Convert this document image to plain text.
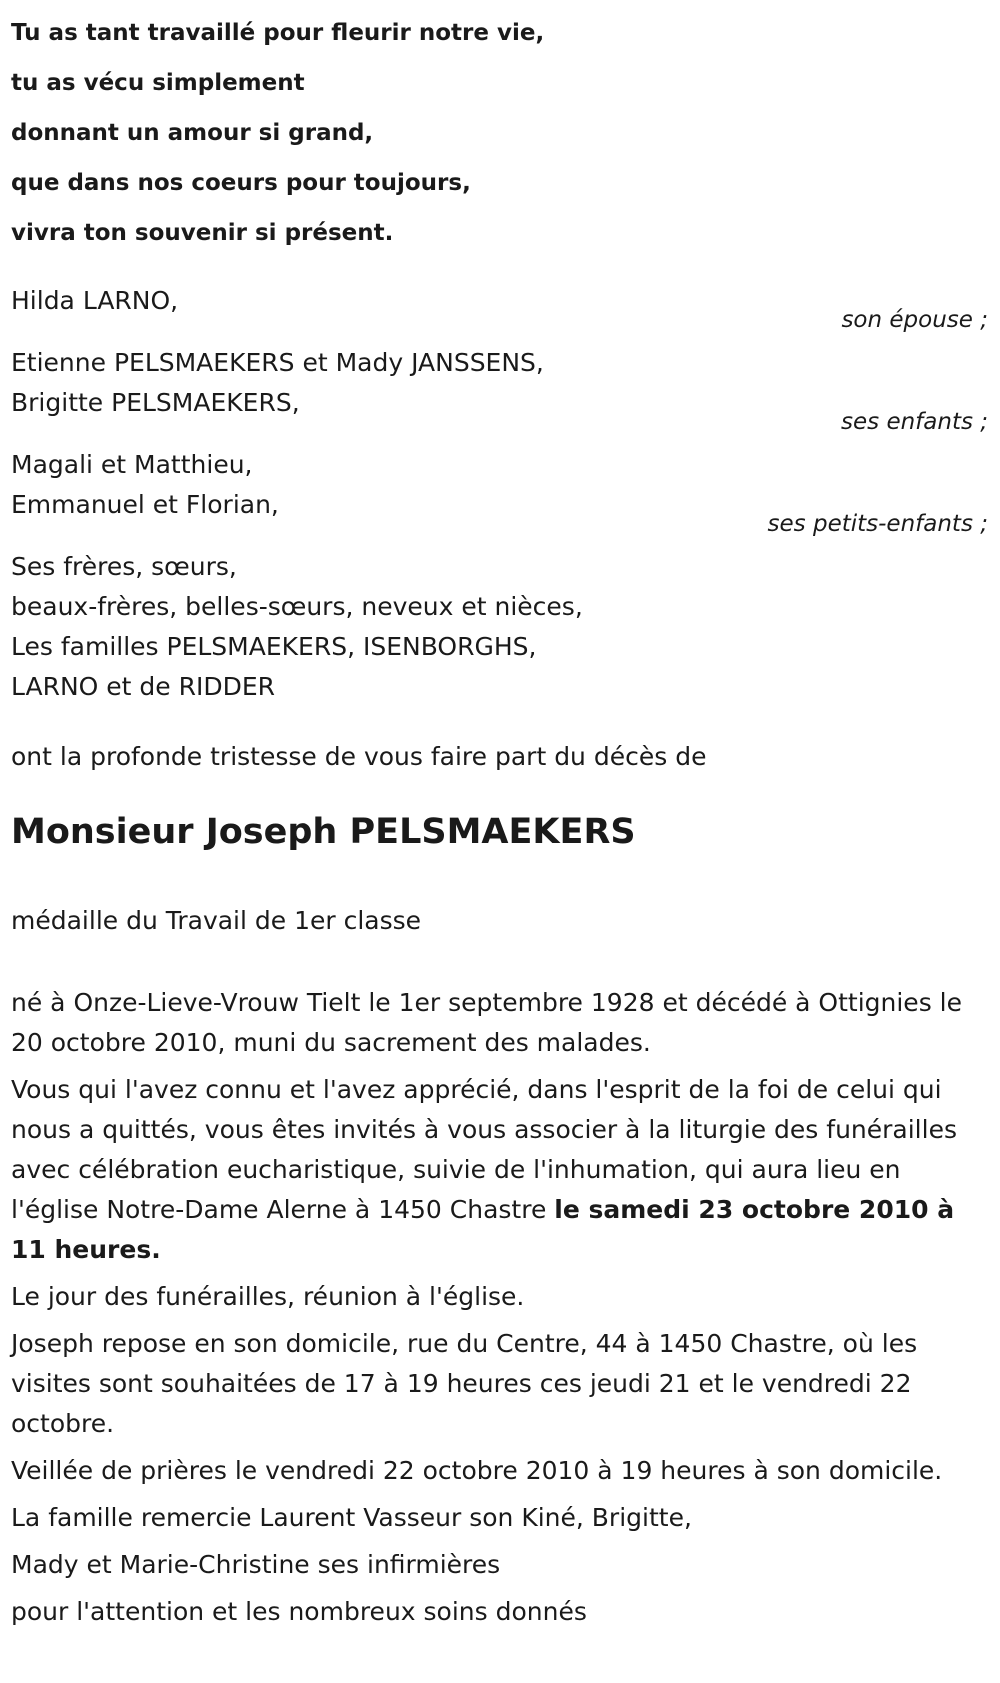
Tu as tant travaillé pour fleurir notre vie,
tu as vécu simplement
donnant un amour si grand,
que dans nos coeurs pour toujours,
vivra ton souvenir si présent.
Hilda LARNO,
son épouse ;
Etienne PELSMAEKERS et Mady JANSSENS,
Brigitte PELSMAEKERS,
ses enfants ;
Magali et Matthieu,
Emmanuel et Florian,
ses petits-enfants ;
Ses frères, sœurs,
beaux-frères, belles-sœurs, neveux et nièces,
Les familles PELSMAEKERS, ISENBORGHS,
LARNO et de RIDDER
ont la profonde tristesse de vous faire part du décès de
Monsieur Joseph PELSMAEKERS
médaille du Travail de 1er classe
né à Onze-Lieve-Vrouw Tielt le 1er septembre 1928 et décédé à Ottignies le 20 octobre 2010, muni du sacrement des malades.
Vous qui l'avez connu et l'avez apprécié, dans l'esprit de la foi de celui qui nous a quittés, vous êtes invités à vous associer à la liturgie des funérailles avec célébration eucharistique, suivie de l'inhumation, qui aura lieu en l'église Notre-Dame Alerne à 1450 Chastre le samedi 23 octobre 2010 à 11 heures.
Le jour des funérailles, réunion à l'église.
Joseph repose en son domicile, rue du Centre, 44 à 1450 Chastre, où les visites sont souhaitées de 17 à 19 heures ces jeudi 21 et le vendredi 22 octobre.
Veillée de prières le vendredi 22 octobre 2010 à 19 heures à son domicile.
La famille remercie Laurent Vasseur son Kiné, Brigitte,
Mady et Marie-Christine ses infirmières
pour l'attention et les nombreux soins donnés
